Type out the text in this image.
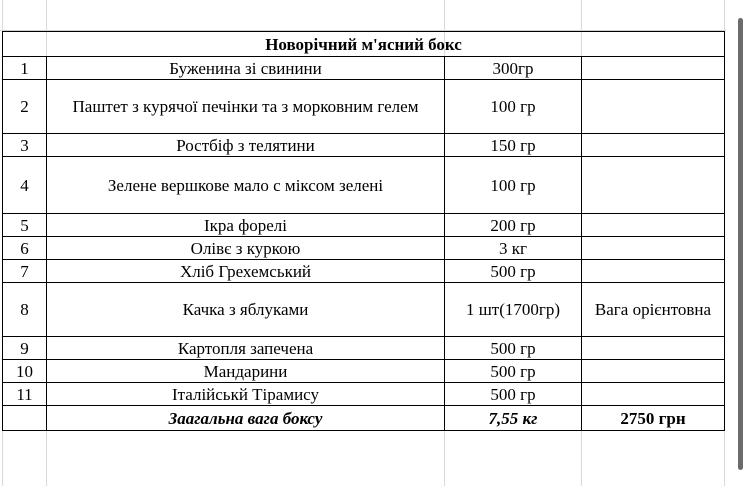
Новорічний м'ясний бокс			
1	Буженина зі свинини	300гр	
2	Паштет з курячої печінки та з морковним гелем	100 гр	
3	Ростбіф з телятини	150 гр	
4	Зелене вершкове мало с міксом зелені	100 гр	
5	Ікра форелі	200 гр	
6	Олівє з куркою	3 кг	
7	Хліб Грехемський	500 гр	
8	Качка з яблуками	1 шт(1700гр)	Вага орієнтовна
9	Картопля запечена	500 гр	
10	Мандарини	500 гр	
11	Італійськй Тірамису	500 гр	
	Заагальна вага боксу	7,55 кг	2750 грн
